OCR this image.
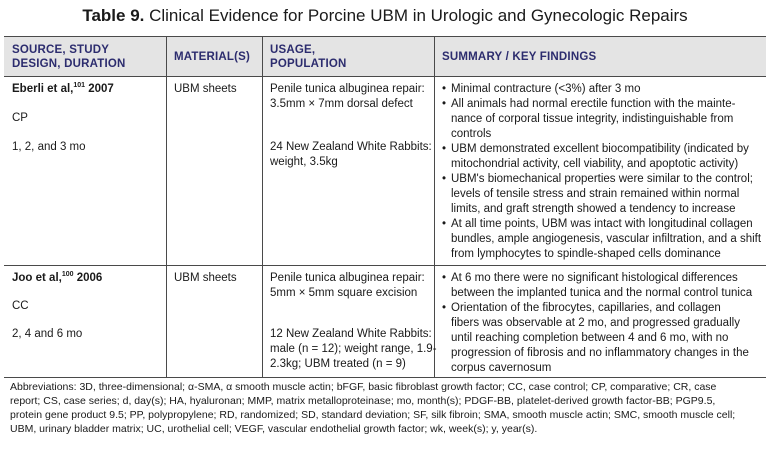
Table 9. Clinical Evidence for Porcine UBM in Urologic and Gynecologic Repairs
SOURCE, STUDY
DESIGN, DURATION
MATERIAL(S)
USAGE,
POPULATION
SUMMARY / KEY FINDINGS
Eberli et al,$^{101}$ 2007
CP
1, 2, and 3 mo
UBM sheets	Penile tunica albuginea repair:
3.5mm × 7mm dorsal defect
24 New Zealand White Rabbits:
weight, 3.5kg
• Minimal contracture (<3%) after 3 mo
• All animals had normal erectile function with the mainte-
nance of corporal tissue integrity, indistinguishable from
controls
• UBM demonstrated excellent biocompatibility (indicated by
mitochondrial activity, cell viability, and apoptotic activity)
• UBM's biomechanical properties were similar to the control;
levels of tensile stress and strain remained within normal
limits, and graft strength showed a tendency to increase
• At all time points, UBM was intact with longitudinal collagen
bundles, ample angiogenesis, vascular infiltration, and a shift
from lymphocytes to spindle-shaped cells dominance
Joo et al,$^{100}$ 2006
CC
2, 4 and 6 mo
UBM sheets	Penile tunica albuginea repair:
5mm × 5mm square excision
12 New Zealand White Rabbits:
male (n = 12); weight range, 1.9-
2.3kg; UBM treated (n = 9)
• At 6 mo there were no significant histological differences
between the implanted tunica and the normal control tunica
• Orientation of the fibrocytes, capillaries, and collagen
fibers was observable at 2 mo, and progressed gradually
until reaching completion between 4 and 6 mo, with no
progression of fibrosis and no inflammatory changes in the
corpus cavernosum
Abbreviations: 3D, three-dimensional; α-SMA, α smooth muscle actin; bFGF, basic fibroblast growth factor; CC, case control; CP, comparative; CR, case
report; CS, case series; d, day(s); HA, hyaluronan; MMP, matrix metalloproteinase; mo, month(s); PDGF-BB, platelet-derived growth factor-BB; PGP9.5,
protein gene product 9.5; PP, polypropylene; RD, randomized; SD, standard deviation; SF, silk fibroin; SMA, smooth muscle actin; SMC, smooth muscle cell;
UBM, urinary bladder matrix; UC, urothelial cell; VEGF, vascular endothelial growth factor; wk, week(s); y, year(s).
